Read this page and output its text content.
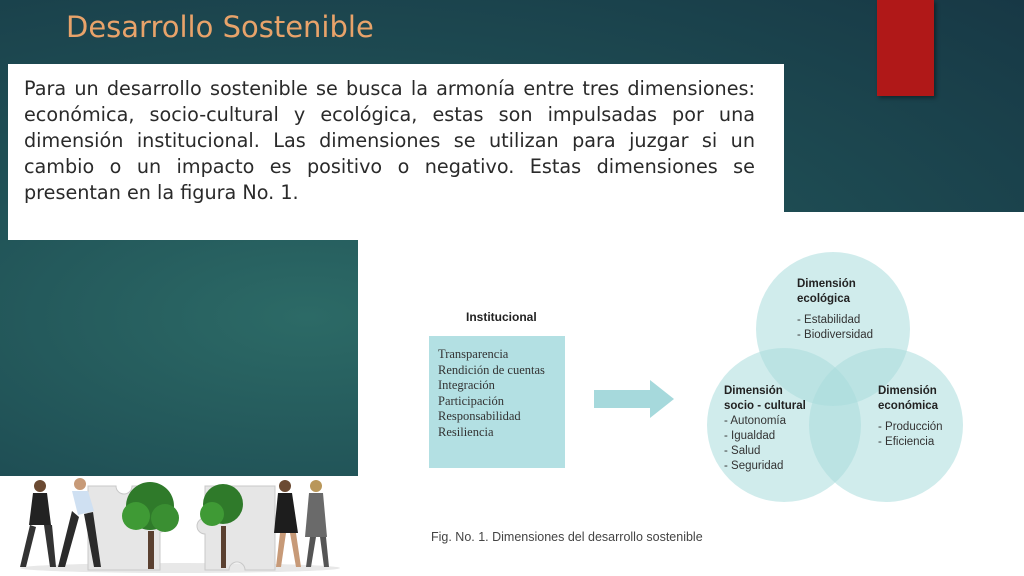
Desarrollo Sostenible

Para un desarrollo sostenible se busca la armonía entre tres dimensiones: económica, socio-cultural y ecológica, estas son impulsadas por una dimensión institucional. Las dimensiones se utilizan para juzgar si un cambio o un impacto es positivo o negativo. Estas dimensiones se presentan en la figura No. 1.

Institucional
Transparencia
Rendición de cuentas
Integración
Participación
Responsabilidad
Resiliencia
Dimensión
ecológica
- Estabilidad
- Biodiversidad
Dimensión
socio - cultural
- Autonomía
- Igualdad
- Salud
- Seguridad
Dimensión
económica
- Producción
- Eficiencia
Fig. No. 1. Dimensiones del desarrollo sostenible
